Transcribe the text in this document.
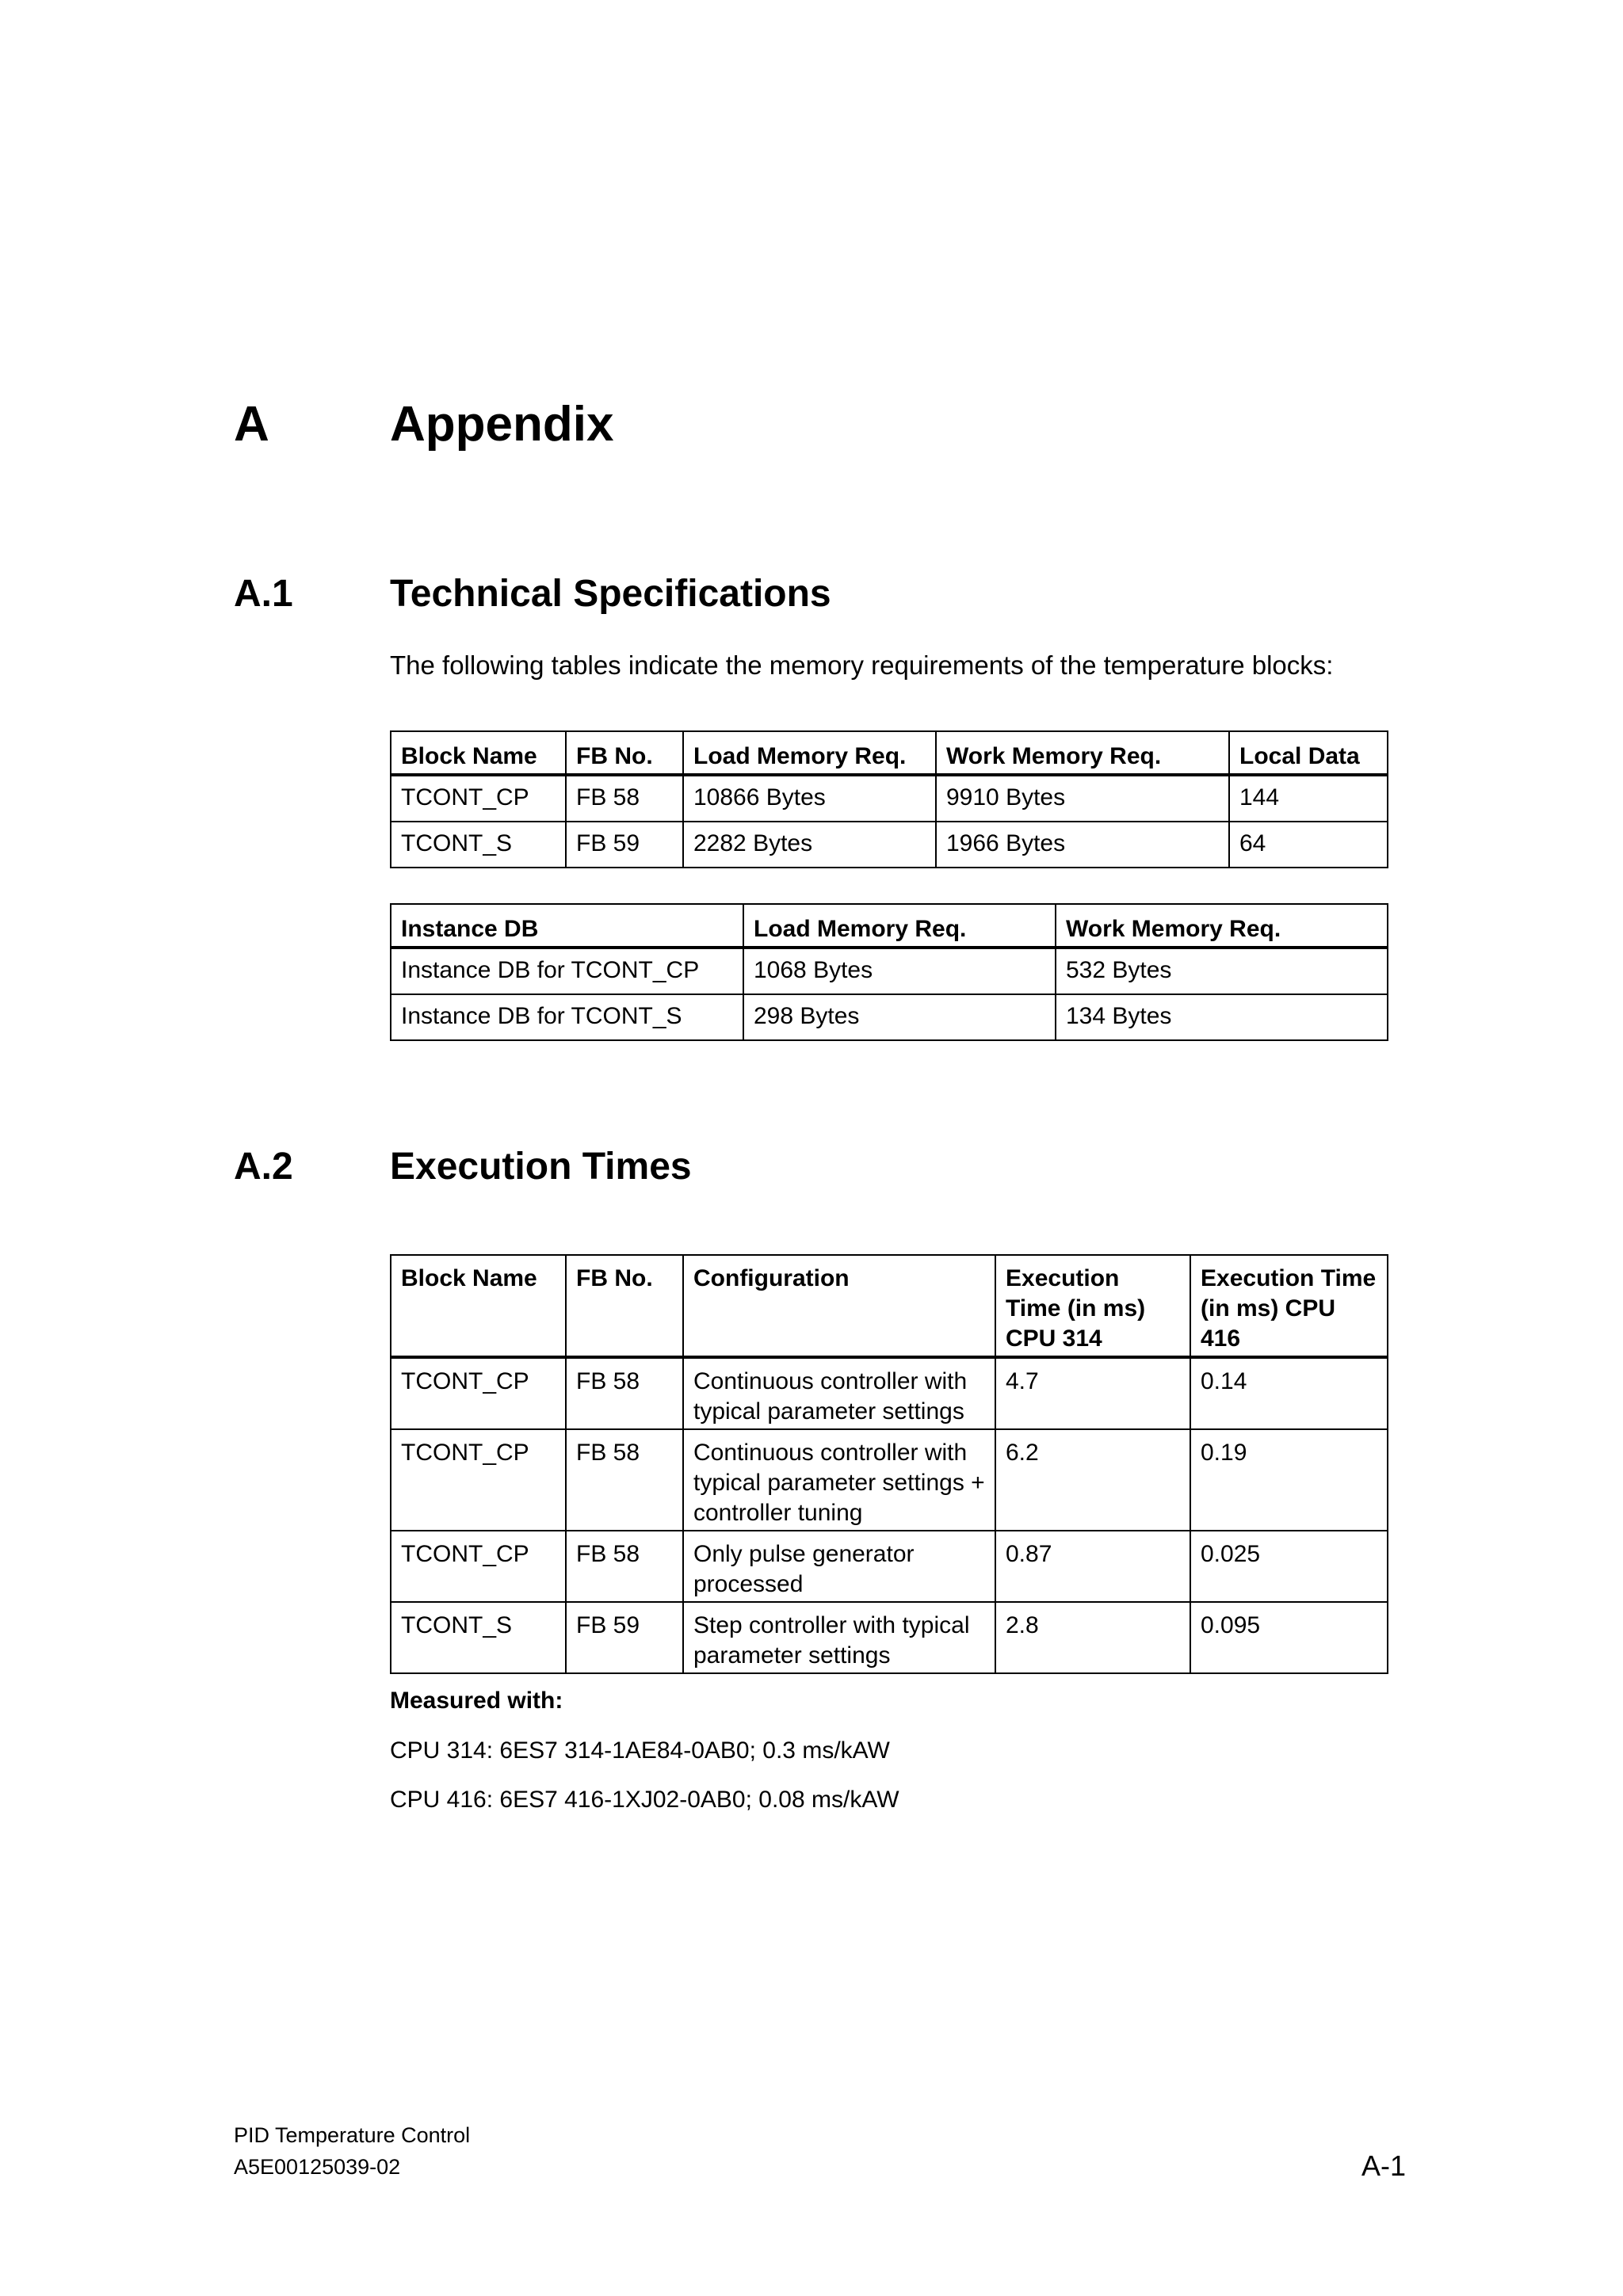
A Appendix
A.1	Technical Specifications
The following tables indicate the memory requirements of the temperature blocks:
Block Name	FB No.	Load Memory Req.	Work Memory Req.	Local Data
TCONT_CP	FB 58	10866 Bytes	9910 Bytes	144
TCONT_S	FB 59	2282 Bytes	1966 Bytes	64
Instance DB	Load Memory Req.	Work Memory Req.
Instance DB for TCONT_CP	1068 Bytes	532 Bytes
Instance DB for TCONT_S	298 Bytes	134 Bytes
A.2	Execution Times
Block Name	FB No.	Configuration	Execution Time (in ms) CPU 314	Execution Time (in ms) CPU 416
TCONT_CP	FB 58	Continuous controller with typical parameter settings	4.7	0.14
TCONT_CP	FB 58	Continuous controller with typical parameter settings + controller tuning	6.2	0.19
TCONT_CP	FB 58	Only pulse generator processed	0.87	0.025
TCONT_S	FB 59	Step controller with typical parameter settings	2.8	0.095
Measured with:
CPU 314: 6ES7 314-1AE84-0AB0; 0.3 ms/kAW
CPU 416: 6ES7 416-1XJ02-0AB0; 0.08 ms/kAW
PID Temperature Control
A5E00125039-02	A-1
